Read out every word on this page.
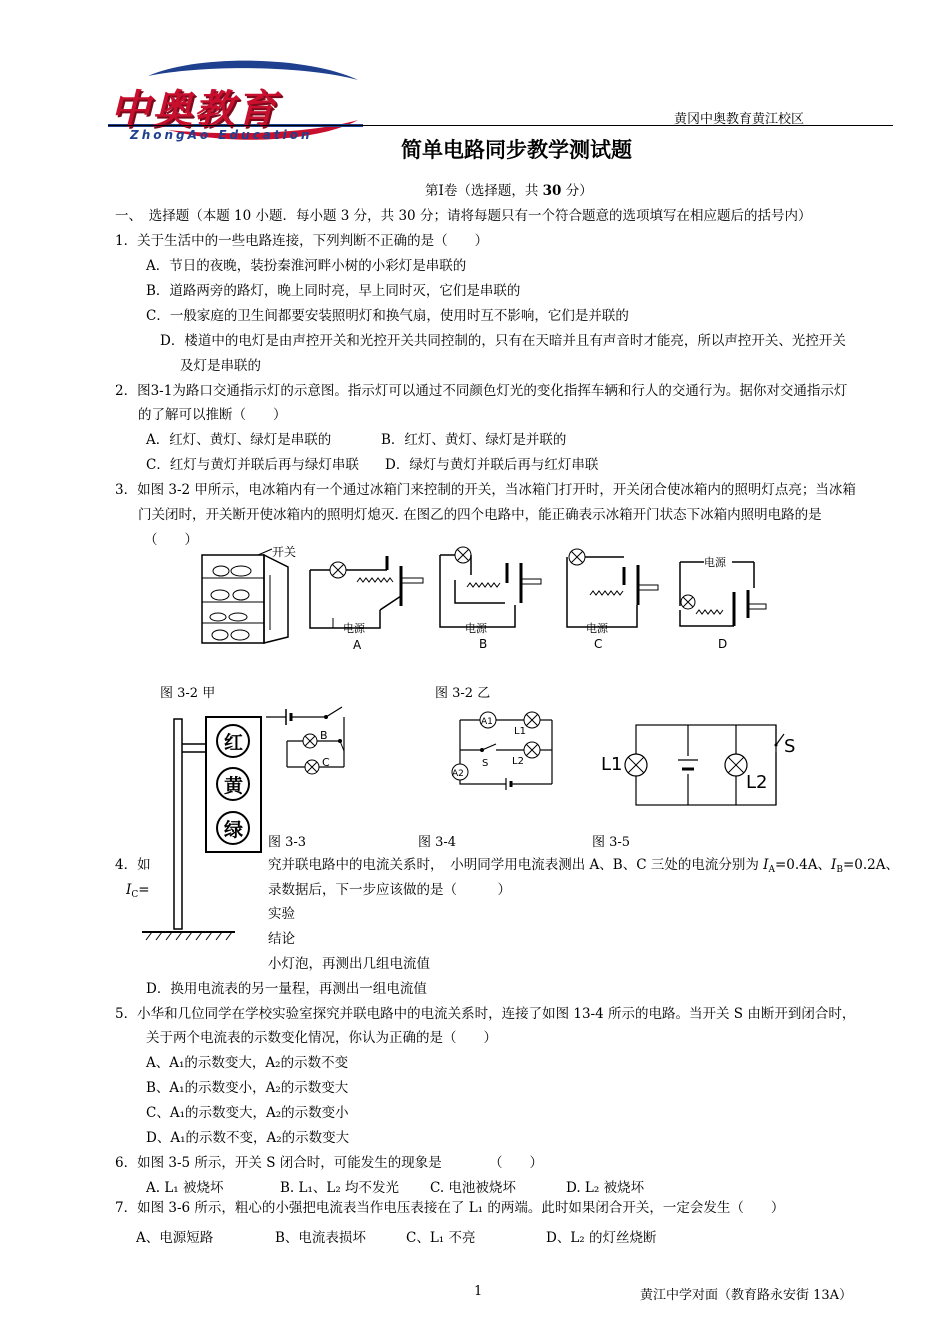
中奥教育
ZhongAo Education
黄冈中奥教育黄江校区
简单电路同步教学测试题
第Ⅰ卷（选择题，共 30 分）
一、　选择题（本题 10 小题．每小题 3 分，共 30 分；请将每题只有一个符合题意的选项填写在相应题后的括号内）
1．关于生活中的一些电路连接，下列判断不正确的是（　　）
A．节日的夜晚，装扮秦淮河畔小树的小彩灯是串联的
B．道路两旁的路灯，晚上同时亮，早上同时灭，它们是串联的
C．一般家庭的卫生间都要安装照明灯和换气扇，使用时互不影响，它们是并联的
D．楼道中的电灯是由声控开关和光控开关共同控制的，只有在天暗并且有声音时才能亮，所以声控开关、光控开关
及灯是串联的
2．图3-1为路口交通指示灯的示意图。指示灯可以通过不同颜色灯光的变化指挥车辆和行人的交通行为。据你对交通指示灯
的了解可以推断（　　）
A．红灯、黄灯、绿灯是串联的	B．红灯、黄灯、绿灯是并联的
C．红灯与黄灯并联后再与绿灯串联 D．绿灯与黄灯并联后再与红灯串联
3．如图 3-2 甲所示，电冰箱内有一个通过冰箱门来控制的开关，当冰箱门打开时，开关闭合使冰箱内的照明灯点亮；当冰箱
门关闭时，开关断开使冰箱内的照明灯熄灭. 在图乙的四个电路中，能正确表示冰箱开门状态下冰箱内照明电路的是
（　　）
开关
电源
A
电源
B
电源
C
电源
D
图 3-2 甲	图 3-2 乙
红
黄
绿
B
C
A1
L1
S L2
A2	L1
L2
S
图 3-3	图 3-4	图 3-5
4．如	究并联电路中的电流关系时，　小明同学用电流表测出 A、B、C 三处的电流分别为 $I_A=0.4A$、$I_B=0.2A$、
$I_C=$	录数据后，下一步应该做的是（　　　）
实验
结论
小灯泡，再测出几组电流值
D．换用电流表的另一量程，再测出一组电流值
5．小华和几位同学在学校实验室探究并联电路中的电流关系时，连接了如图 13-4 所示的电路。当开关 S 由断开到闭合时，
关于两个电流表的示数变化情况，你认为正确的是（　　）
A、A₁的示数变大，A₂的示数不变
B、A₁的示数变小，A₂的示数变大
C、A₁的示数变大，A₂的示数变小
D、A₁的示数不变，A₂的示数变大
6．如图 3-5 所示，开关 S 闭合时，可能发生的现象是　　　　（　　）
A. L₁ 被烧坏	B. L₁、L₂ 均不发光 C. 电池被烧坏	D. L₂ 被烧坏
7．如图 3-6 所示，粗心的小强把电流表当作电压表接在了 L₁ 的两端。此时如果闭合开关，一定会发生（　　）
A、电源短路	B、电流表损坏	C、L₁ 不亮	D、L₂ 的灯丝烧断
1	黄江中学对面（教育路永安街 13A）
